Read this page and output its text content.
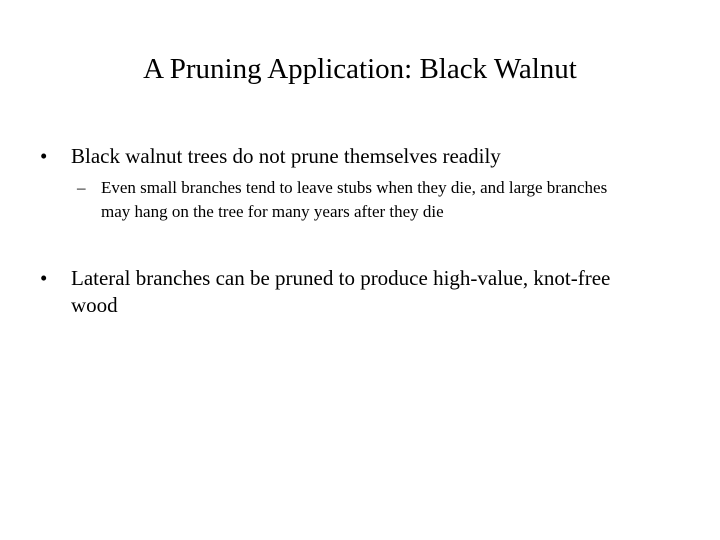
A Pruning Application: Black Walnut
• Black walnut trees do not prune themselves readily
– Even small branches tend to leave stubs when they die, and large branches may hang on the tree for many years after they die
• Lateral branches can be pruned to produce high-value, knot-free wood
